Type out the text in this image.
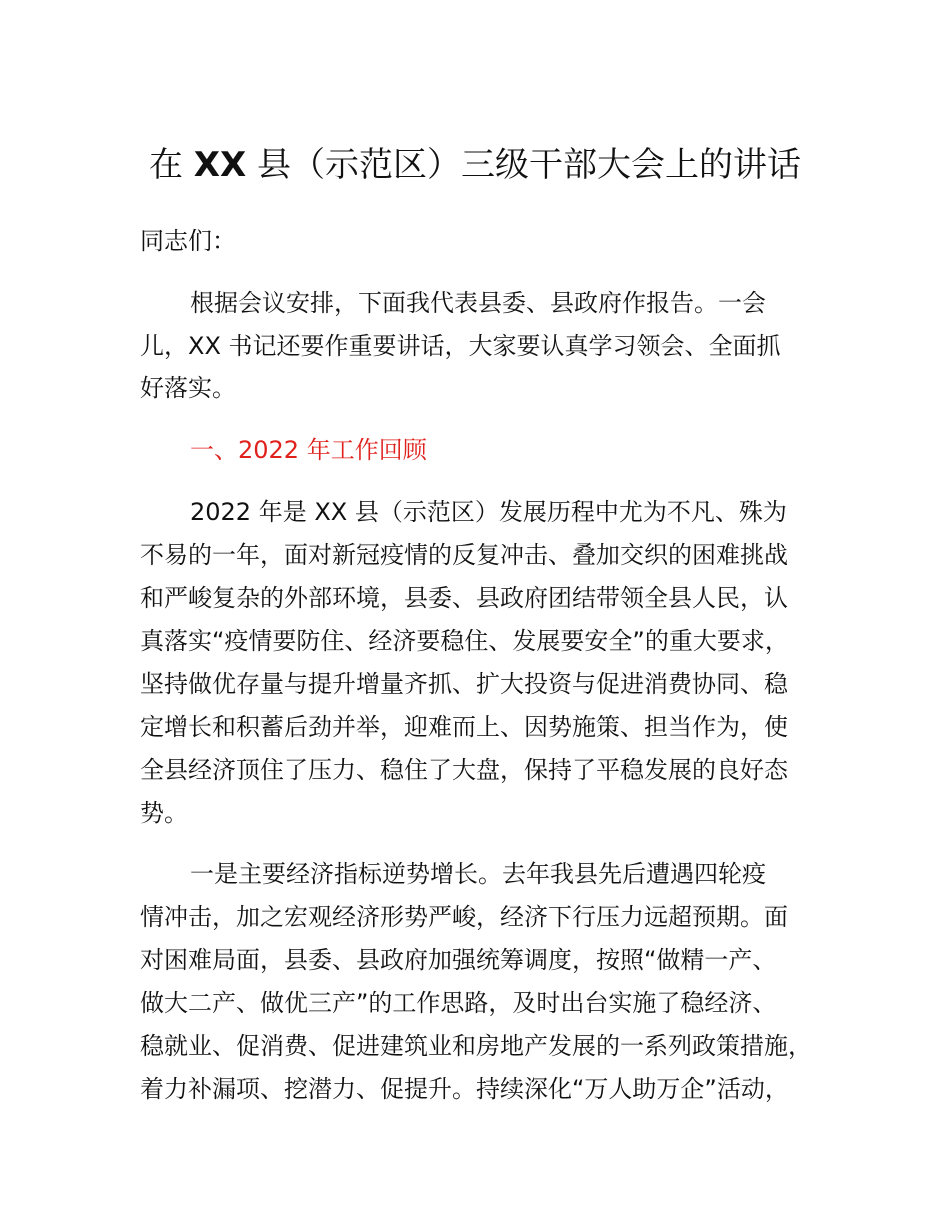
在 XX 县（示范区）三级干部大会上的讲话
同志们：
根据会议安排，下面我代表县委、县政府作报告。一会
儿，XX 书记还要作重要讲话，大家要认真学习领会、全面抓
好落实。
一、2022 年工作回顾
2022 年是 XX 县（示范区）发展历程中尤为不凡、殊为
不易的一年，面对新冠疫情的反复冲击、叠加交织的困难挑战
和严峻复杂的外部环境，县委、县政府团结带领全县人民，认
真落实“疫情要防住、经济要稳住、发展要安全”的重大要求，
坚持做优存量与提升增量齐抓、扩大投资与促进消费协同、稳
定增长和积蓄后劲并举，迎难而上、因势施策、担当作为，使
全县经济顶住了压力、稳住了大盘，保持了平稳发展的良好态
势。
一是主要经济指标逆势增长。去年我县先后遭遇四轮疫
情冲击，加之宏观经济形势严峻，经济下行压力远超预期。面
对困难局面，县委、县政府加强统筹调度，按照“做精一产、
做大二产、做优三产”的工作思路，及时出台实施了稳经济、
稳就业、促消费、促进建筑业和房地产发展的一系列政策措施，
着力补漏项、挖潜力、促提升。持续深化“万人助万企”活动，
